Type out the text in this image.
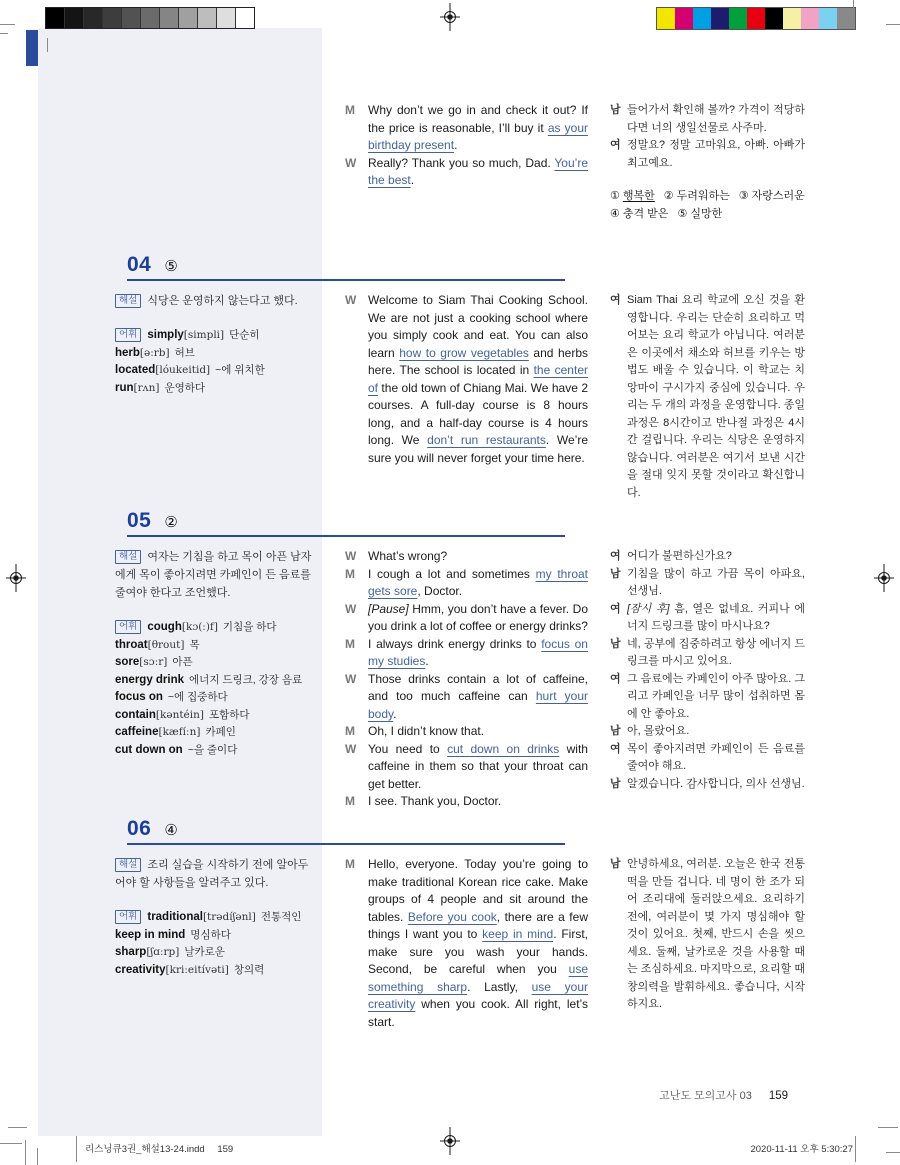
M	Why don’t we go in and check it out? If the price is reasonable, I’ll buy it as your birthday present.
W Really? Thank you so much, Dad. You’re the best.
남 들어가서 확인해 볼까? 가격이 적당하다면 너의 생일선물로 사주마.
여 정말요? 정말 고마워요, 아빠. 아빠가 최고예요.
① 행복한 ② 두려워하는 ③ 자랑스러운
④ 충격 받은 ⑤ 실망한
04 ⑤
해설 식당은 운영하지 않는다고 했다.
어휘 simply[simpli] 단순히
herb[əːrb] 허브
located[lóukeitid] ~에 위치한
run[rʌn] 운영하다
W Welcome to Siam Thai Cooking School. We are not just a cooking school where you simply cook and eat. You can also learn how to grow vegetables and herbs here. The school is located in the center of the old town of Chiang Mai. We have 2 courses. A full-day course is 8 hours long, and a half-day course is 4 hours long. We don’t run restaurants. We’re sure you will never forget your time here.
여 Siam Thai 요리 학교에 오신 것을 환영합니다. 우리는 단순히 요리하고 먹어보는 요리 학교가 아닙니다. 여러분은 이곳에서 채소와 허브를 키우는 방법도 배울 수 있습니다. 이 학교는 치앙마이 구시가지 중심에 있습니다. 우리는 두 개의 과정을 운영합니다. 종일 과정은 8시간이고 반나절 과정은 4시간 걸립니다. 우리는 식당은 운영하지 않습니다. 여러분은 여기서 보낸 시간을 절대 잊지 못할 것이라고 확신합니다.
05 ②
해설 여자는 기침을 하고 목이 아픈 남자에게 목이 좋아지려면 카페인이 든 음료를 줄여야 한다고 조언했다.
어휘 cough[kɔ(ː)f] 기침을 하다
throat[θrout] 목
sore[sɔːr] 아픈
energy drink 에너지 드링크, 강장 음료
focus on ~에 집중하다
contain[kəntéin] 포함하다
caffeine[kæfíːn] 카페인
cut down on ~을 줄이다
W What’s wrong?
M	I cough a lot and sometimes my throat gets sore, Doctor.
W [Pause] Hmm, you don’t have a fever. Do you drink a lot of coffee or energy drinks?
M	I always drink energy drinks to focus on my studies.
W Those drinks contain a lot of caffeine, and too much caffeine can hurt your body.
M	Oh, I didn’t know that.
W You need to cut down on drinks with caffeine in them so that your throat can get better.
M	I see. Thank you, Doctor.
여 어디가 불편하신가요?
남 기침을 많이 하고 가끔 목이 아파요, 선생님.
여 [잠시 후] 흠, 열은 없네요. 커피나 에너지 드링크를 많이 마시나요?
남 네, 공부에 집중하려고 항상 에너지 드링크를 마시고 있어요.
여 그 음료에는 카페인이 아주 많아요. 그리고 카페인을 너무 많이 섭취하면 몸에 안 좋아요.
남 아, 몰랐어요.
여 목이 좋아지려면 카페인이 든 음료를 줄여야 해요.
남 알겠습니다. 감사합니다, 의사 선생님.
06 ④
해설 조리 실습을 시작하기 전에 알아두어야 할 사항들을 알려주고 있다.
어휘 traditional[trədíʃənl] 전통적인
keep in mind 명심하다
sharp[ʃɑːrp] 날카로운
creativity[kriːeitívəti] 창의력
M	Hello, everyone. Today you’re going to make traditional Korean rice cake. Make groups of 4 people and sit around the tables. Before you cook, there are a few things I want you to keep in mind. First, make sure you wash your hands. Second, be careful when you use something sharp. Lastly, use your creativity when you cook. All right, let’s start.
남 안녕하세요, 여러분. 오늘은 한국 전통 떡을 만들 겁니다. 네 명이 한 조가 되어 조리대에 둘러앉으세요. 요리하기 전에, 여러분이 몇 가지 명심해야 할 것이 있어요. 첫째, 반드시 손을 씻으세요. 둘째, 날카로운 것을 사용할 때는 조심하세요. 마지막으로, 요리할 때 창의력을 발휘하세요. 좋습니다, 시작하지요.
고난도 모의고사 03 159
리스닝큐3권_해설13-24.indd 159	2020-11-11 오후 5:30:27
